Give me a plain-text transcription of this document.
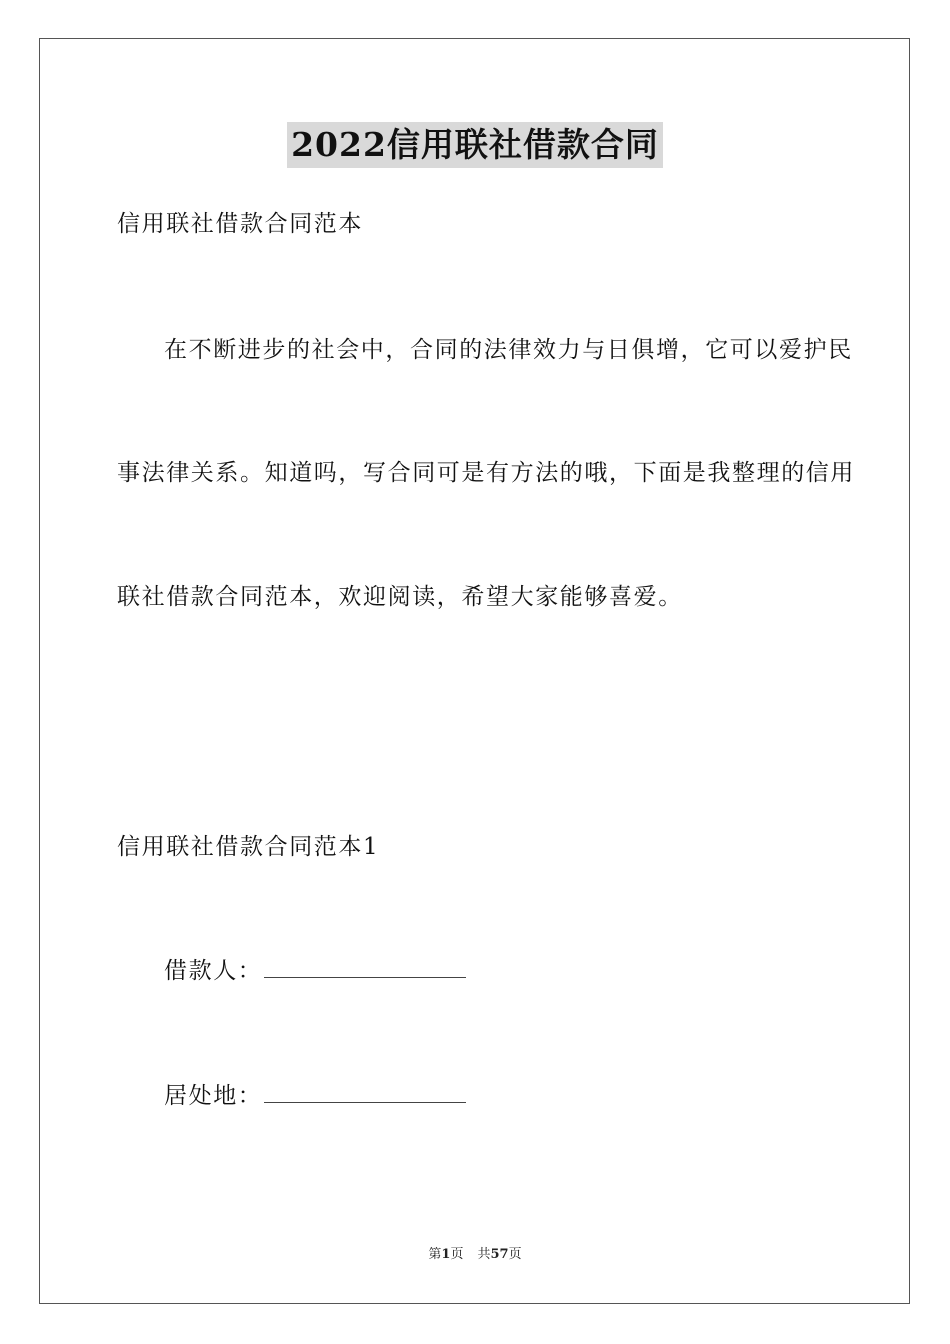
2022信用联社借款合同
信用联社借款合同范本
在不断进步的社会中，合同的法律效力与日俱增，它可以爱护民
事法律关系。知道吗，写合同可是有方法的哦，下面是我整理的信用
联社借款合同范本，欢迎阅读，希望大家能够喜爱。
信用联社借款合同范本1
借款人：
居处地：
第1页 共57页
